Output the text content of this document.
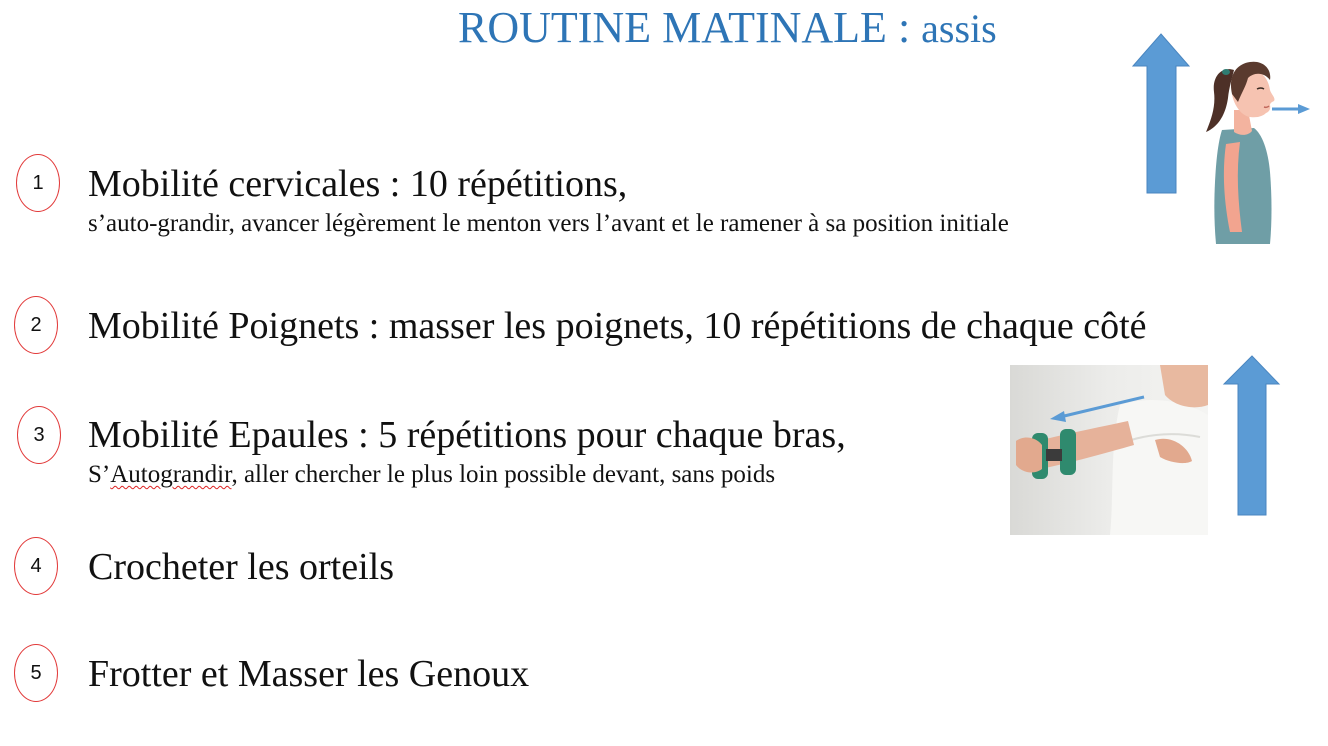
ROUTINE MATINALE : assis
1	Mobilité cervicales : 10 répétitions,
s’auto-grandir, avancer légèrement le menton vers l’avant et le ramener à sa position initiale
2	Mobilité Poignets : masser les poignets, 10 répétitions de chaque côté
3	Mobilité Epaules : 5 répétitions pour chaque bras,
S’Autograndir, aller chercher le plus loin possible devant, sans poids
4	Crocheter les orteils
5	Frotter et Masser les Genoux
